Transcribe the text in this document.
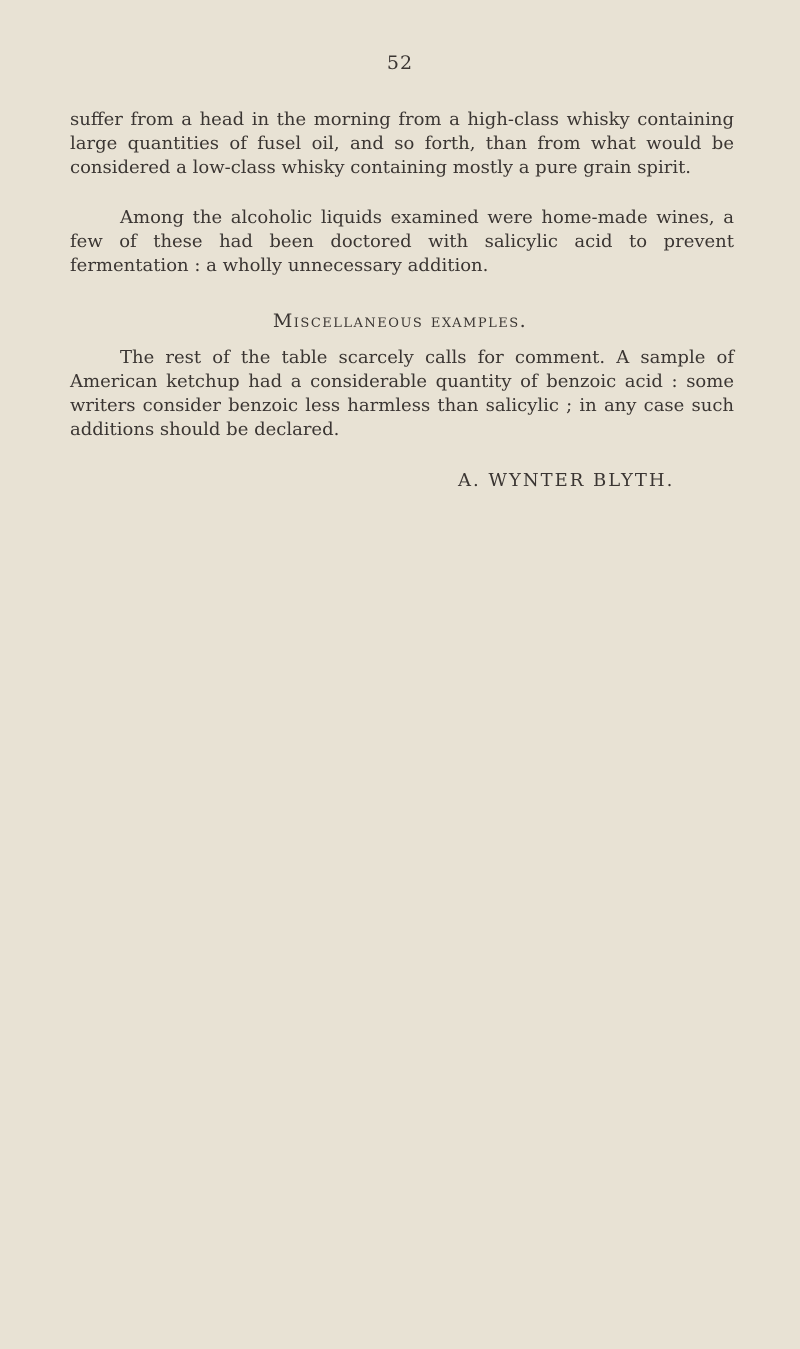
52

suffer from a head in the morning from a high-class whisky containing large quantities of fusel oil, and so forth, than from what would be considered a low-class whisky containing mostly a pure grain spirit.

Among the alcoholic liquids examined were home-made wines, a few of these had been doctored with salicylic acid to prevent fermentation : a wholly unnecessary addition.

Miscellaneous examples.

The rest of the table scarcely calls for comment. A sample of American ketchup had a considerable quantity of benzoic acid : some writers consider benzoic less harmless than salicylic ; in any case such additions should be declared.

A. WYNTER BLYTH.
